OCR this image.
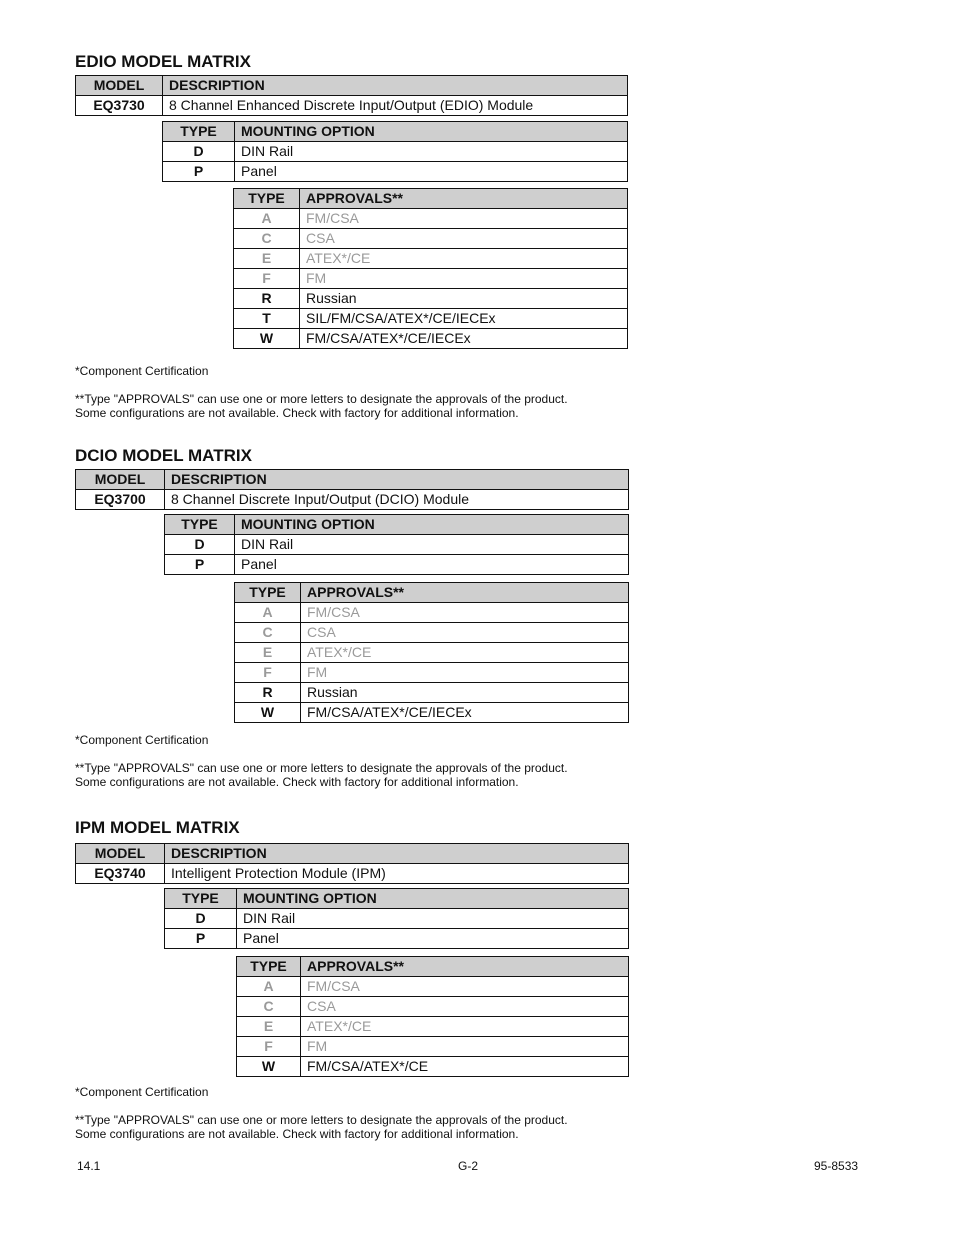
EDIO MODEL MATRIX
MODEL	DESCRIPTION
EQ3730	8 Channel Enhanced Discrete Input/Output (EDIO) Module
TYPE	MOUNTING OPTION
D	DIN Rail
P	Panel
TYPE	APPROVALS**
A	FM/CSA
C	CSA
E	ATEX*/CE
F	FM
R	Russian
T	SIL/FM/CSA/ATEX*/CE/IECEx
W	FM/CSA/ATEX*/CE/IECEx

*Component Certification

**Type "APPROVALS" can use one or more letters to designate the approvals of the product.

Some configurations are not available. Check with factory for additional information.

DCIO MODEL MATRIX
MODEL	DESCRIPTION
EQ3700	8 Channel Discrete Input/Output (DCIO) Module
TYPE	MOUNTING OPTION
D	DIN Rail
P	Panel
TYPE	APPROVALS**
A	FM/CSA
C	CSA
E	ATEX*/CE
F	FM
R	Russian
W	FM/CSA/ATEX*/CE/IECEx

*Component Certification

**Type "APPROVALS" can use one or more letters to designate the approvals of the product.

Some configurations are not available. Check with factory for additional information.

IPM MODEL MATRIX
MODEL	DESCRIPTION
EQ3740	Intelligent Protection Module (IPM)
TYPE	MOUNTING OPTION
D	DIN Rail
P	Panel
TYPE	APPROVALS**
A	FM/CSA
C	CSA
E	ATEX*/CE
F	FM
W	FM/CSA/ATEX*/CE

*Component Certification

**Type "APPROVALS" can use one or more letters to designate the approvals of the product.

Some configurations are not available. Check with factory for additional information.

14.1	G-2	95-8533
